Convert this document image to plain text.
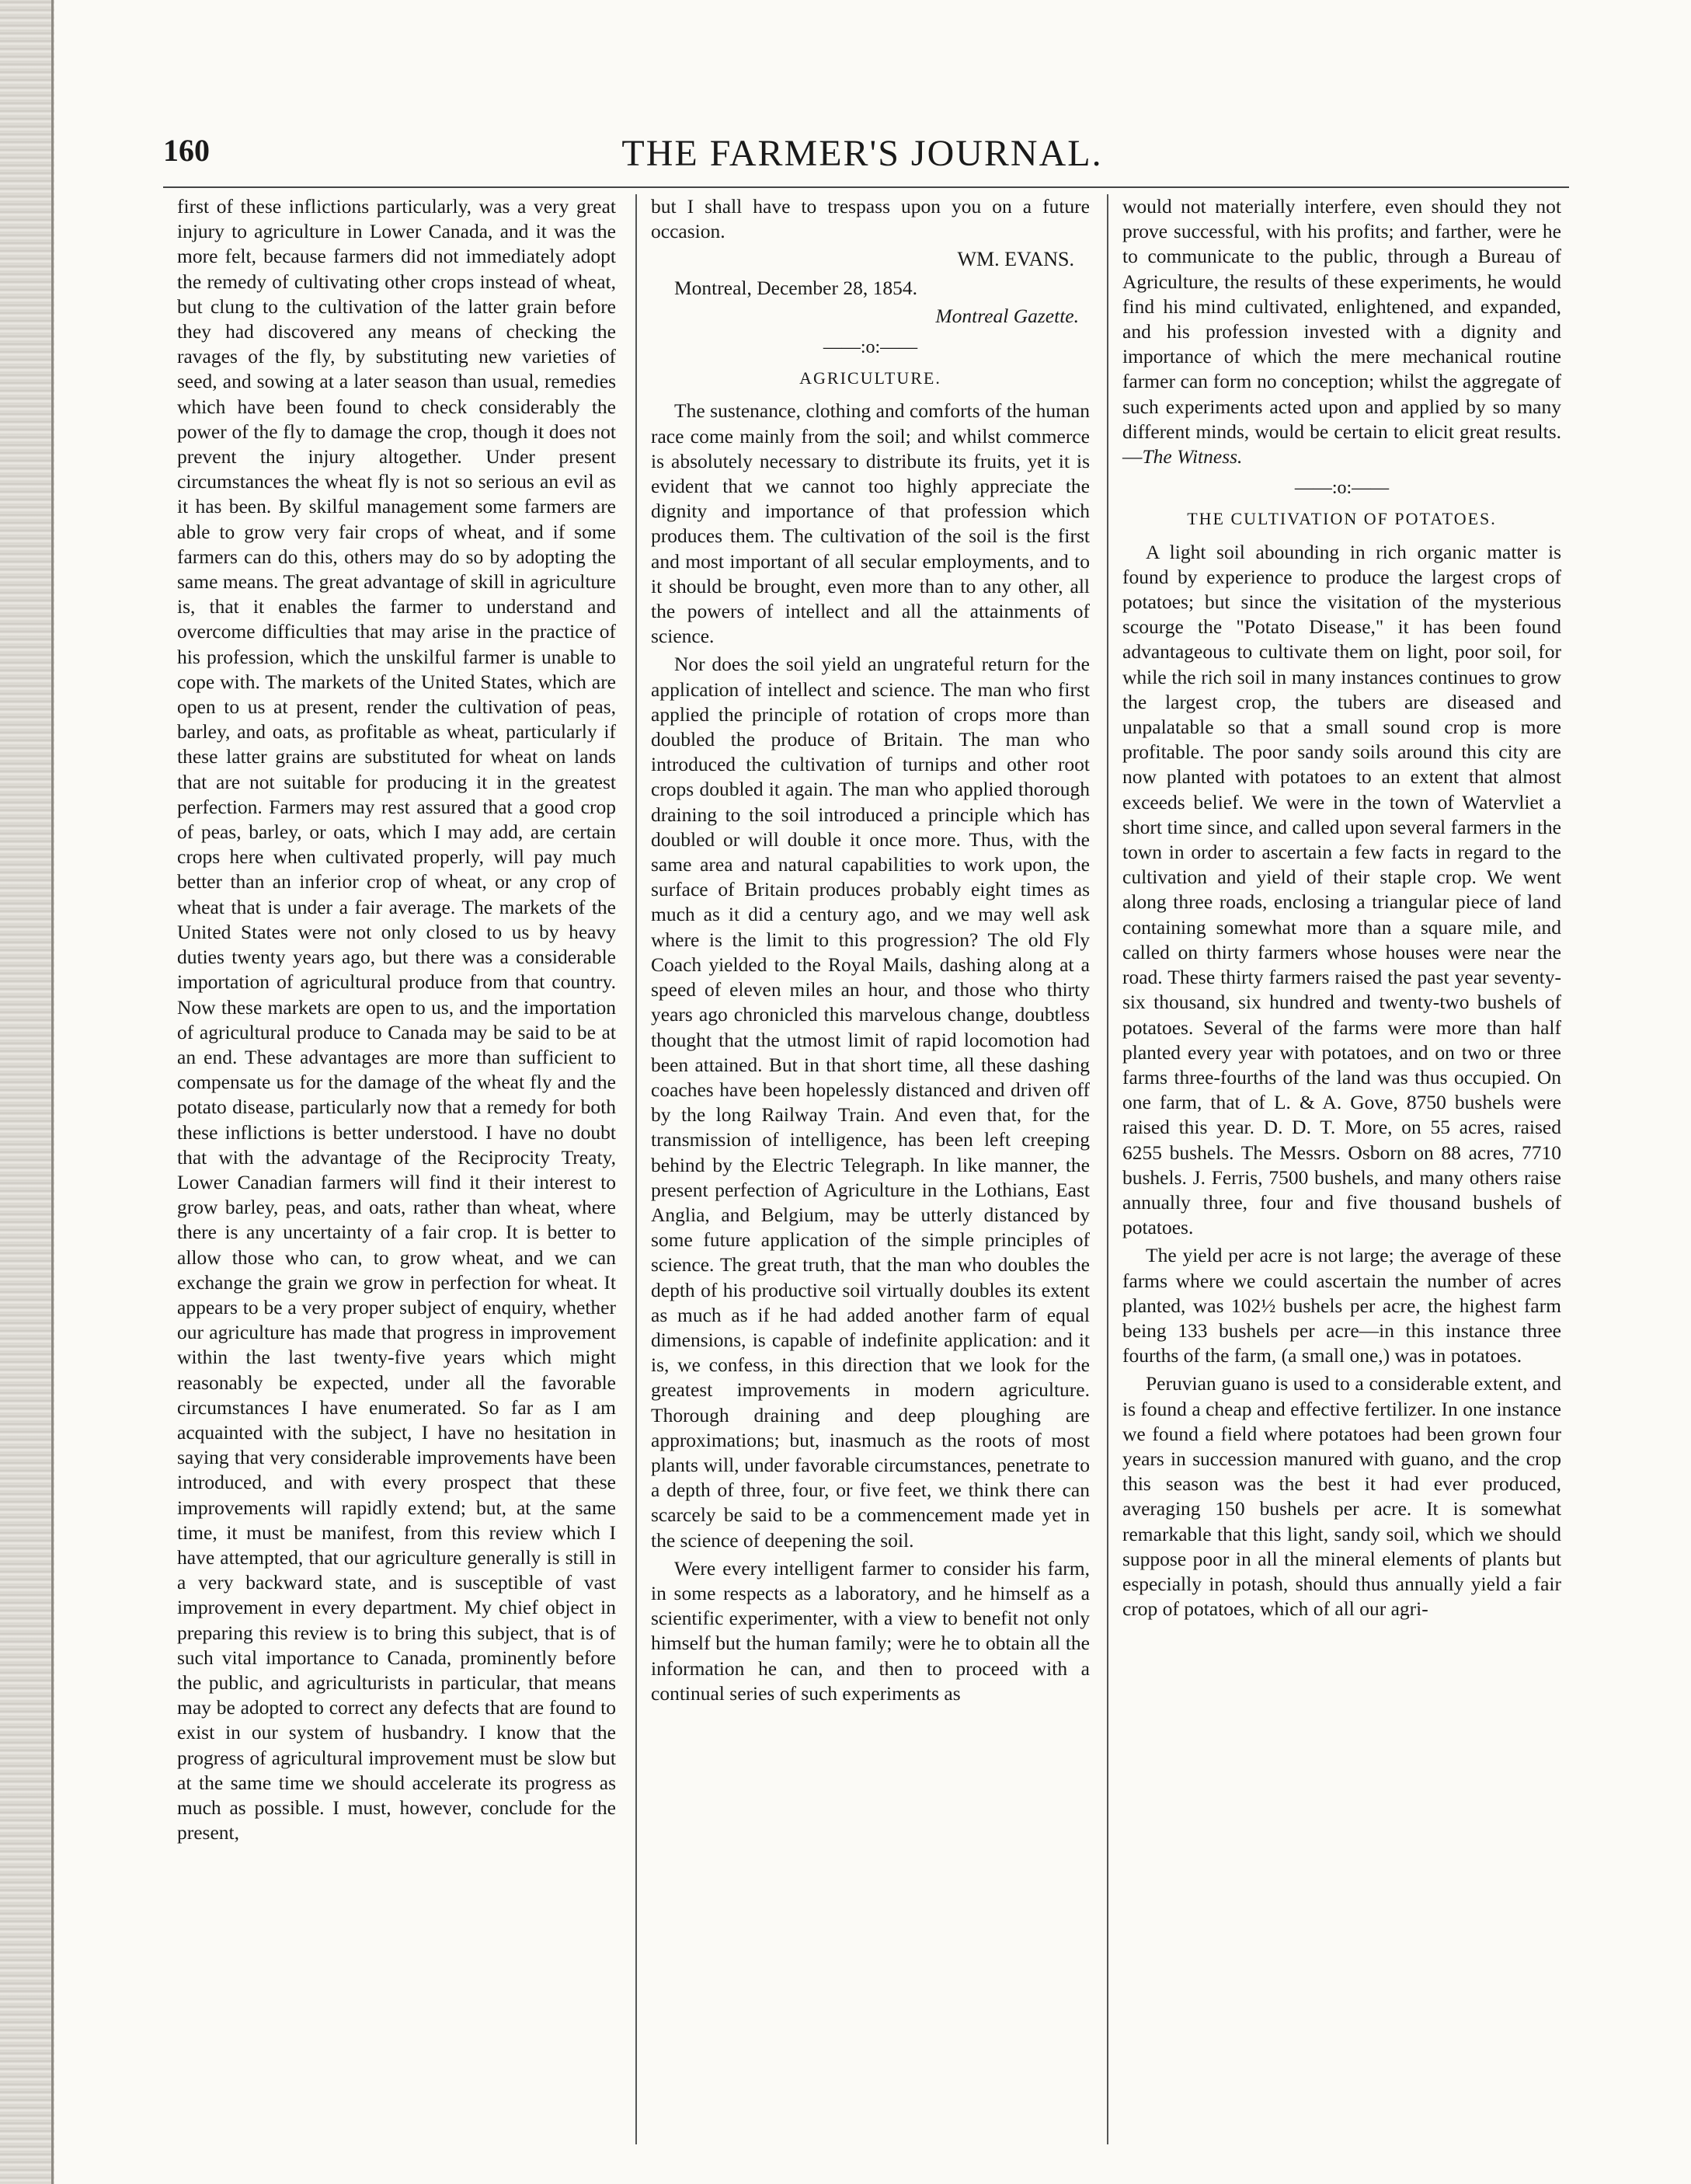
160	THE FARMER'S JOURNAL.

first of these inflictions particularly, was a very great injury to agriculture in Lower Canada, and it was the more felt, because farmers did not immediately adopt the remedy of cultivating other crops instead of wheat, but clung to the cultivation of the latter grain before they had discovered any means of checking the ravages of the fly, by substituting new varieties of seed, and sowing at a later season than usual, remedies which have been found to check considerably the power of the fly to damage the crop, though it does not prevent the injury altogether. Under present circumstances the wheat fly is not so serious an evil as it has been. By skilful management some farmers are able to grow very fair crops of wheat, and if some farmers can do this, others may do so by adopting the same means. The great advantage of skill in agriculture is, that it enables the farmer to understand and overcome difficulties that may arise in the practice of his profession, which the unskilful farmer is unable to cope with. The markets of the United States, which are open to us at present, render the cultivation of peas, barley, and oats, as profitable as wheat, particularly if these latter grains are substituted for wheat on lands that are not suitable for producing it in the greatest perfection. Farmers may rest assured that a good crop of peas, barley, or oats, which I may add, are certain crops here when cultivated properly, will pay much better than an inferior crop of wheat, or any crop of wheat that is under a fair average. The markets of the United States were not only closed to us by heavy duties twenty years ago, but there was a considerable importation of agricultural produce from that country. Now these markets are open to us, and the importation of agricultural produce to Canada may be said to be at an end. These advantages are more than sufficient to compensate us for the damage of the wheat fly and the potato disease, particularly now that a remedy for both these inflictions is better understood. I have no doubt that with the advantage of the Reciprocity Treaty, Lower Canadian farmers will find it their interest to grow barley, peas, and oats, rather than wheat, where there is any uncertainty of a fair crop. It is better to allow those who can, to grow wheat, and we can exchange the grain we grow in perfection for wheat. It appears to be a very proper subject of enquiry, whether our agriculture has made that progress in improvement within the last twenty-five years which might reasonably be expected, under all the favorable circumstances I have enumerated. So far as I am acquainted with the subject, I have no hesitation in saying that very considerable improvements have been introduced, and with every prospect that these improvements will rapidly extend; but, at the same time, it must be manifest, from this review which I have attempted, that our agriculture generally is still in a very backward state, and is susceptible of vast improvement in every department. My chief object in preparing this review is to bring this subject, that is of such vital importance to Canada, prominently before the public, and agriculturists in particular, that means may be adopted to correct any defects that are found to exist in our system of husbandry. I know that the progress of agricultural improvement must be slow but at the same time we should accelerate its progress as much as possible. I must, however, conclude for the present,

but I shall have to trespass upon you on a future occasion.

WM. EVANS.

Montreal, December 28, 1854.

Montreal Gazette.

——:o:——
AGRICULTURE.

The sustenance, clothing and comforts of the human race come mainly from the soil; and whilst commerce is absolutely necessary to distribute its fruits, yet it is evident that we cannot too highly appreciate the dignity and importance of that profession which produces them. The cultivation of the soil is the first and most important of all secular employments, and to it should be brought, even more than to any other, all the powers of intellect and all the attainments of science.

Nor does the soil yield an ungrateful return for the application of intellect and science. The man who first applied the principle of rotation of crops more than doubled the produce of Britain. The man who introduced the cultivation of turnips and other root crops doubled it again. The man who applied thorough draining to the soil introduced a principle which has doubled or will double it once more. Thus, with the same area and natural capabilities to work upon, the surface of Britain produces probably eight times as much as it did a century ago, and we may well ask where is the limit to this progression? The old Fly Coach yielded to the Royal Mails, dashing along at a speed of eleven miles an hour, and those who thirty years ago chronicled this marvelous change, doubtless thought that the utmost limit of rapid locomotion had been attained. But in that short time, all these dashing coaches have been hopelessly distanced and driven off by the long Railway Train. And even that, for the transmission of intelligence, has been left creeping behind by the Electric Telegraph. In like manner, the present perfection of Agriculture in the Lothians, East Anglia, and Belgium, may be utterly distanced by some future application of the simple principles of science. The great truth, that the man who doubles the depth of his productive soil virtually doubles its extent as much as if he had added another farm of equal dimensions, is capable of indefinite application: and it is, we confess, in this direction that we look for the greatest improvements in modern agriculture. Thorough draining and deep ploughing are approximations; but, inasmuch as the roots of most plants will, under favorable circumstances, penetrate to a depth of three, four, or five feet, we think there can scarcely be said to be a commencement made yet in the science of deepening the soil.

Were every intelligent farmer to consider his farm, in some respects as a laboratory, and he himself as a scientific experimenter, with a view to benefit not only himself but the human family; were he to obtain all the information he can, and then to proceed with a continual series of such experiments as

would not materially interfere, even should they not prove successful, with his profits; and farther, were he to communicate to the public, through a Bureau of Agriculture, the results of these experiments, he would find his mind cultivated, enlightened, and expanded, and his profession invested with a dignity and importance of which the mere mechanical routine farmer can form no conception; whilst the aggregate of such experiments acted upon and applied by so many different minds, would be certain to elicit great results.—The Witness.

——:o:——
THE CULTIVATION OF POTATOES.

A light soil abounding in rich organic matter is found by experience to produce the largest crops of potatoes; but since the visitation of the mysterious scourge the "Potato Disease," it has been found advantageous to cultivate them on light, poor soil, for while the rich soil in many instances continues to grow the largest crop, the tubers are diseased and unpalatable so that a small sound crop is more profitable. The poor sandy soils around this city are now planted with potatoes to an extent that almost exceeds belief. We were in the town of Watervliet a short time since, and called upon several farmers in the town in order to ascertain a few facts in regard to the cultivation and yield of their staple crop. We went along three roads, enclosing a triangular piece of land containing somewhat more than a square mile, and called on thirty farmers whose houses were near the road. These thirty farmers raised the past year seventy-six thousand, six hundred and twenty-two bushels of potatoes. Several of the farms were more than half planted every year with potatoes, and on two or three farms three-fourths of the land was thus occupied. On one farm, that of L. & A. Gove, 8750 bushels were raised this year. D. D. T. More, on 55 acres, raised 6255 bushels. The Messrs. Osborn on 88 acres, 7710 bushels. J. Ferris, 7500 bushels, and many others raise annually three, four and five thousand bushels of potatoes.

The yield per acre is not large; the average of these farms where we could ascertain the number of acres planted, was 102½ bushels per acre, the highest farm being 133 bushels per acre—in this instance three fourths of the farm, (a small one,) was in potatoes.

Peruvian guano is used to a considerable extent, and is found a cheap and effective fertilizer. In one instance we found a field where potatoes had been grown four years in succession manured with guano, and the crop this season was the best it had ever produced, averaging 150 bushels per acre. It is somewhat remarkable that this light, sandy soil, which we should suppose poor in all the mineral elements of plants but especially in potash, should thus annually yield a fair crop of potatoes, which of all our agri-
